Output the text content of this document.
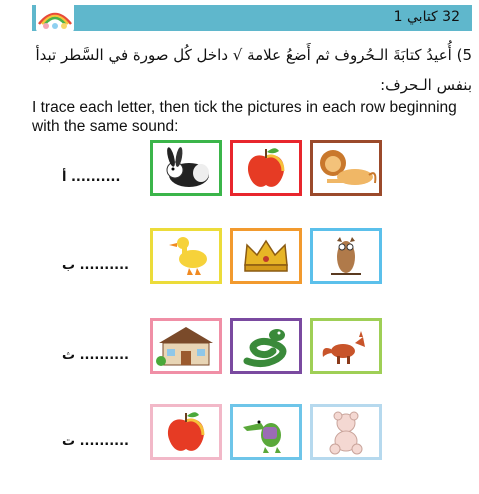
32 كتابي 1

5) أُعيدُ كتابَةَ الـحُروف ثم أَضعُ علامة √ داخل كُل صورة في السَّطر تبدأ بنفس الـحرف:

I trace each letter, then tick the pictures in each row beginning with the same sound:

أ ..........
ب ..........
ث ..........
ت ..........
